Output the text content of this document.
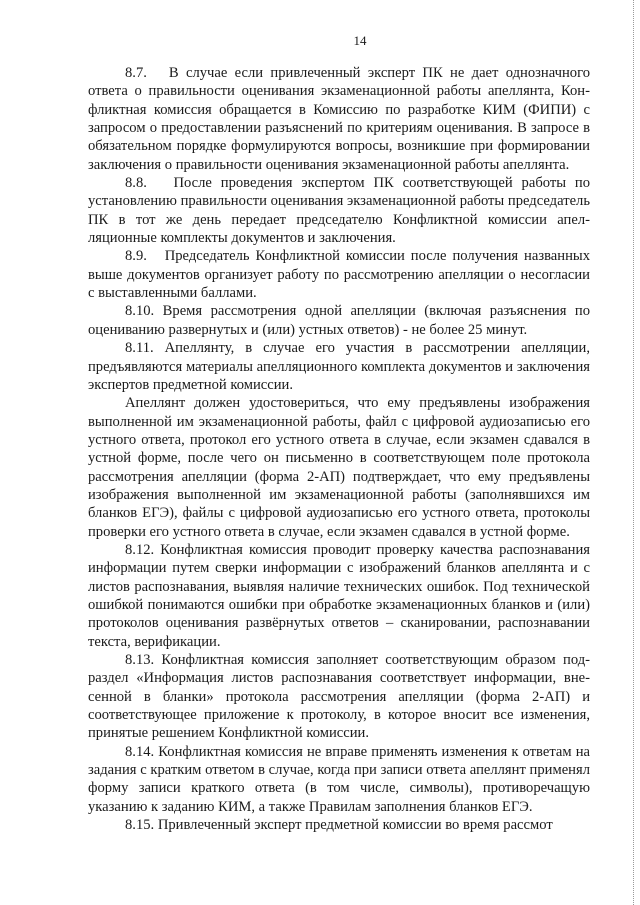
14

8.7.   В случае если привлеченный эксперт ПК не дает однозначного ответа о правильности оценивания экзаменационной работы апеллянта, Конфликтная комиссия обращается в Комиссию по разработке КИМ (ФИПИ) с запросом о предоставлении разъяснений по критериям оценивания. В запросе в обязательном порядке формулируются вопросы, возникшие при формировании заключения о правильности оценивания экзаменационной работы апеллянта.

8.8.   После проведения экспертом ПК соответствующей работы по установлению правильности оценивания экзаменационной работы председатель ПК в тот же день передает председателю Конфликтной комиссии апелляционные комплекты документов и заключения.

8.9.   Председатель Конфликтной комиссии после получения названных выше документов организует работу по рассмотрению апелляции о несогласии с выставленными баллами.

8.10. Время рассмотрения одной апелляции (включая разъяснения по оцениванию развернутых и (или) устных ответов) - не более 25 минут.

8.11. Апеллянту, в случае его участия в рассмотрении апелляции, предъявляются материалы апелляционного комплекта документов и заключения экспертов предметной комиссии.

Апеллянт должен удостовериться, что ему предъявлены изображения выполненной им экзаменационной работы, файл с цифровой аудиозаписью его устного ответа, протокол его устного ответа в случае, если экзамен сдавался в устной форме, после чего он письменно в соответствующем поле протокола рассмотрения апелляции (форма 2-АП) подтверждает, что ему предъявлены изображения выполненной им экзаменационной работы (заполнявшихся им бланков ЕГЭ), файлы с цифровой аудиозаписью его устного ответа, протоколы проверки его устного ответа в случае, если экзамен сдавался в устной форме.

8.12. Конфликтная комиссия проводит проверку качества распознавания информации путем сверки информации с изображений бланков апеллянта и с листов распознавания, выявляя наличие технических ошибок. Под технической ошибкой понимаются ошибки при обработке экзаменационных бланков и (или) протоколов оценивания развёрнутых ответов – сканировании, распознавании текста, верификации.

8.13. Конфликтная комиссия заполняет соответствующим образом подраздел «Информация листов распознавания соответствует информации, внесенной в бланки» протокола рассмотрения апелляции (форма 2-АП) и соответствующее приложение к протоколу, в которое вносит все изменения, принятые решением Конфликтной комиссии.

8.14. Конфликтная комиссия не вправе применять изменения к ответам на задания с кратким ответом в случае, когда при записи ответа апеллянт применял форму записи краткого ответа (в том числе, символы), противоречащую указанию к заданию КИМ, а также Правилам заполнения бланков ЕГЭ.

8.15. Привлеченный эксперт предметной комиссии во время рассмот
